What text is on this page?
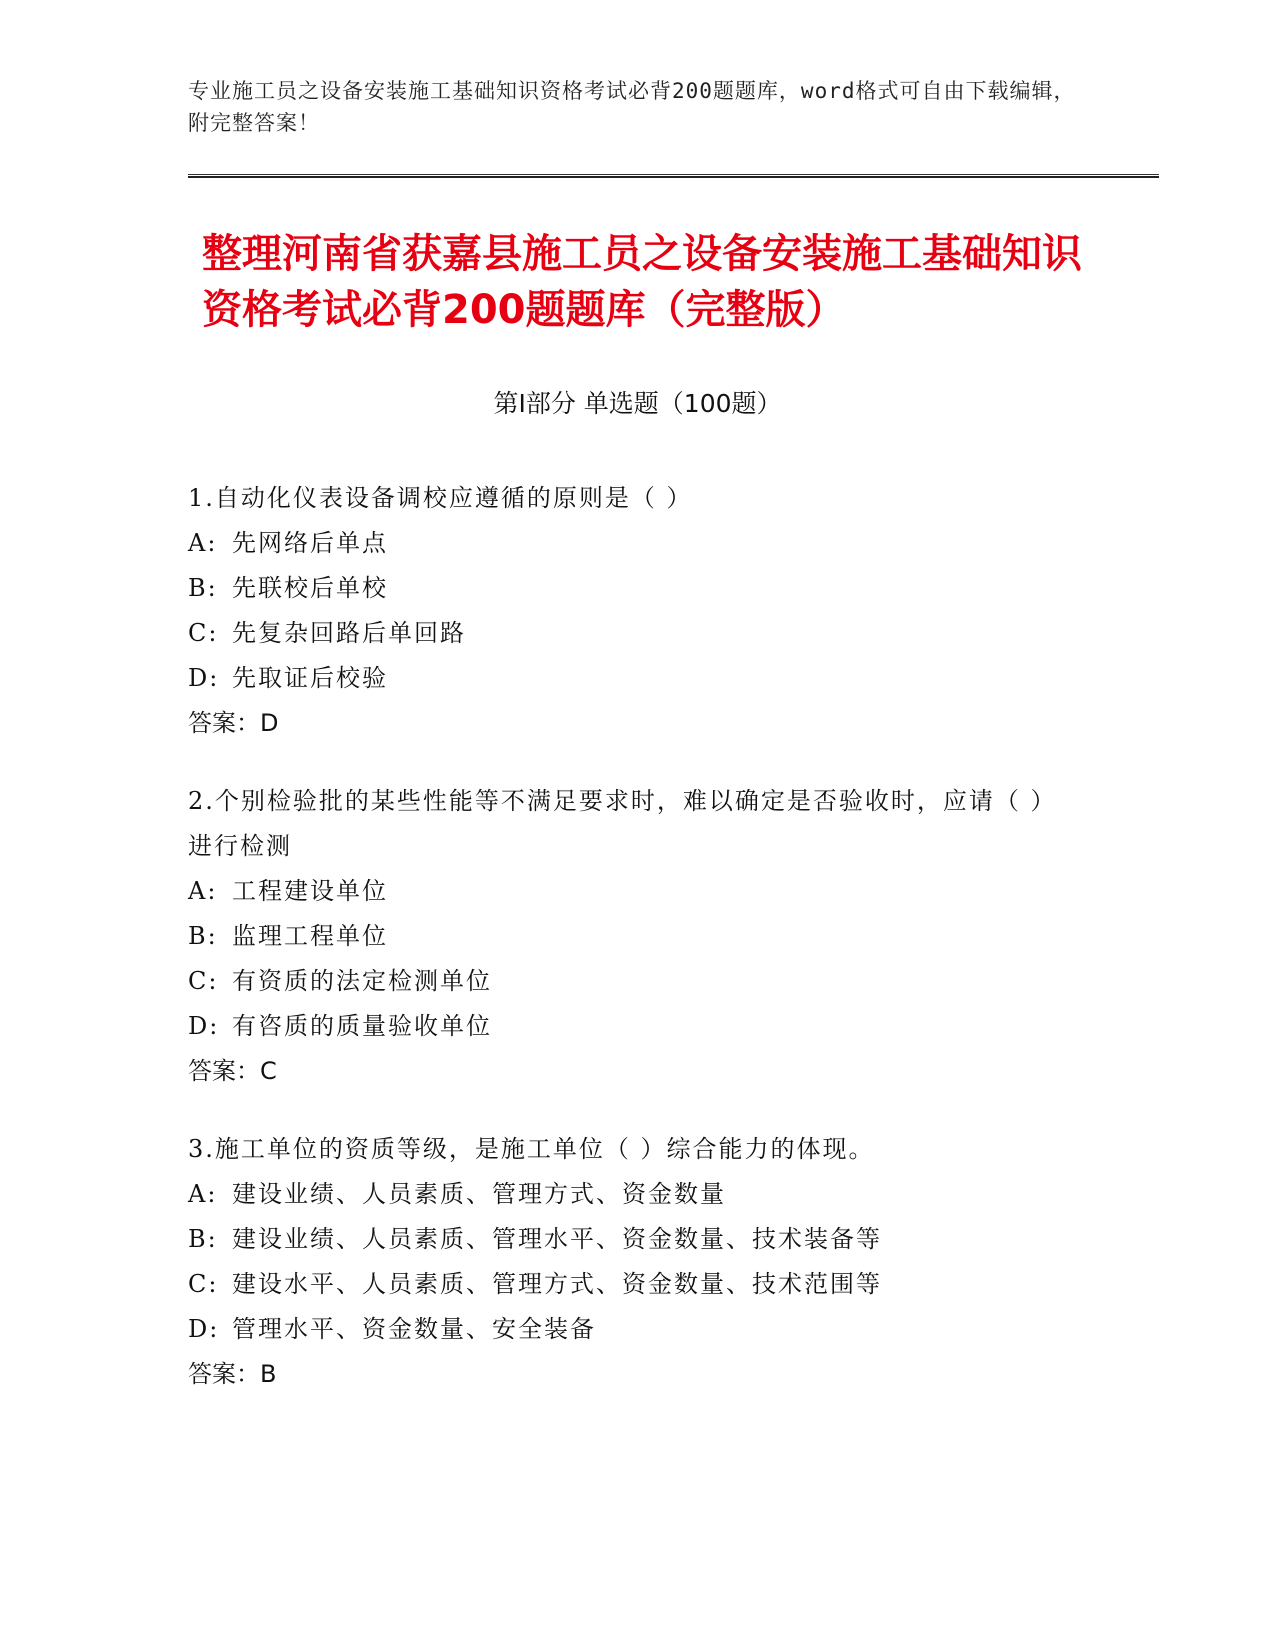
专业施工员之设备安装施工基础知识资格考试必背200题题库，word格式可自由下载编辑，附完整答案！
整理河南省获嘉县施工员之设备安装施工基础知识资格考试必背200题题库（完整版）
第Ⅰ部分 单选题（100题）
1.自动化仪表设备调校应遵循的原则是（ ）
A: 先网络后单点
B: 先联校后单校
C: 先复杂回路后单回路
D: 先取证后校验
答案：D
2.个别检验批的某些性能等不满足要求时，难以确定是否验收时，应请（ ）进行检测
A: 工程建设单位
B: 监理工程单位
C: 有资质的法定检测单位
D: 有咨质的质量验收单位
答案：C
3.施工单位的资质等级，是施工单位（ ）综合能力的体现。
A: 建设业绩、人员素质、管理方式、资金数量
B: 建设业绩、人员素质、管理水平、资金数量、技术装备等
C: 建设水平、人员素质、管理方式、资金数量、技术范围等
D: 管理水平、资金数量、安全装备
答案：B
